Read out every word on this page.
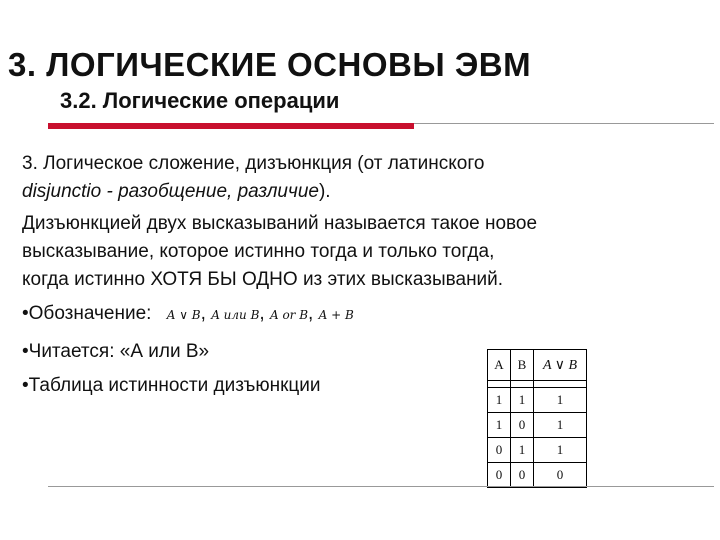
3. ЛОГИЧЕСКИЕ ОСНОВЫ ЭВМ
3.2. Логические операции
3. Логическое сложение, дизъюнкция (от латинского
disjunctio - разобщение, различие).
Дизъюнкцией двух высказываний называется такое новое
высказывание, которое истинно тогда и только тогда,
когда истинно ХОТЯ БЫ ОДНО из этих высказываний.
•Обозначение: A ∨ B, A или B, A or B, A + B
•Читается: «А или В»
•Таблица истинности дизъюнкции
A	B	A ∨ B

1	1	1
1	0	1
0	1	1
0	0	0
